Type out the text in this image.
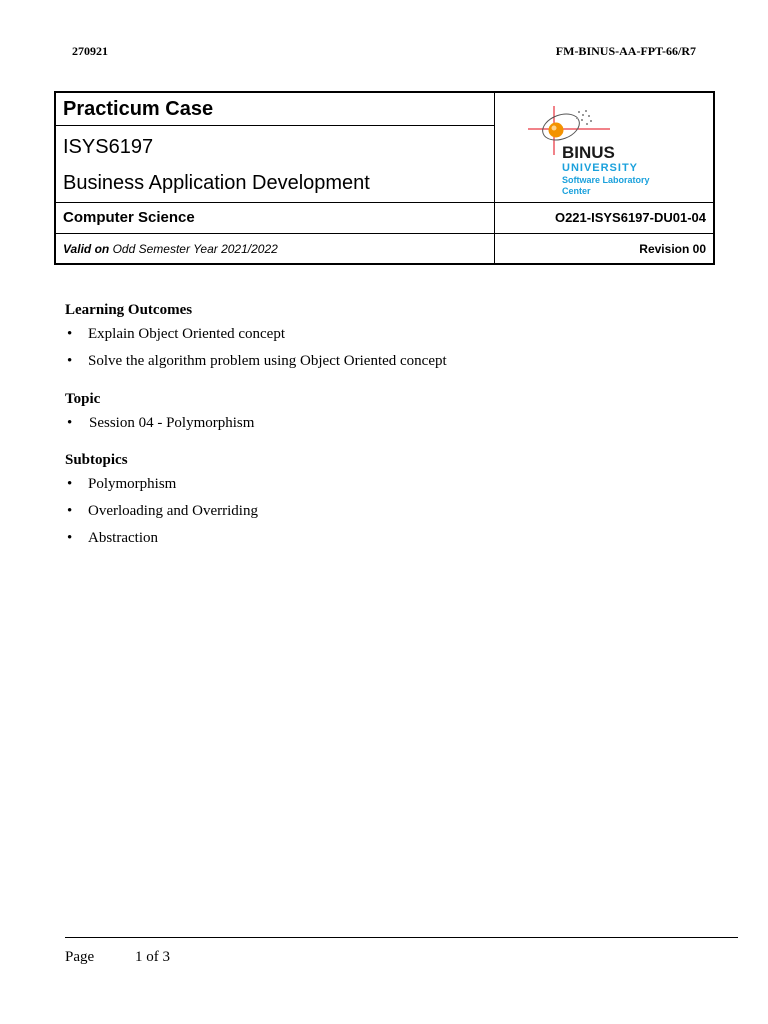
270921	FM-BINUS-AA-FPT-66/R7
Practicum Case	BINUS
UNIVERSITY
Software Laboratory
Center

ISYS6197
Business Application Development	

Computer Science	O221-ISYS6197-DU01-04
Valid on Odd Semester Year 2021/2022	Revision 00

Learning Outcomes

• Explain Object Oriented concept
• Solve the algorithm problem using Object Oriented concept

Topic

• Session 04 - Polymorphism

Subtopics

• Polymorphism
• Overloading and Overriding
• Abstraction
Page	1 of 3
